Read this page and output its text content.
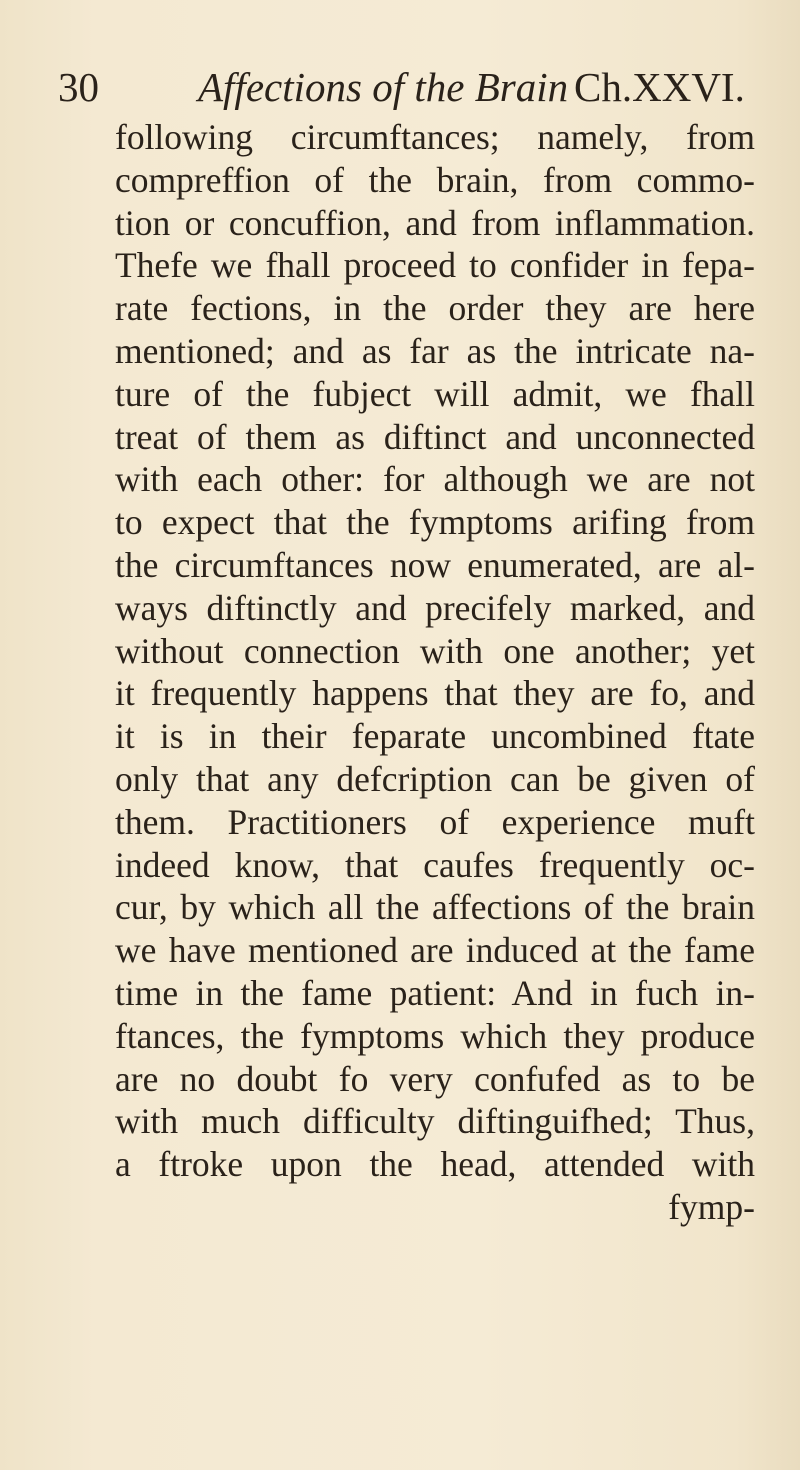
30 Affections of the Brain Ch.XXVI.
following circumftances; namely, from
compreffion of the brain, from commo-
tion or concuffion, and from inflammation.
Thefe we fhall proceed to confider in fepa-
rate fections, in the order they are here
mentioned; and as far as the intricate na-
ture of the fubject will admit, we fhall
treat of them as diftinct and unconnected
with each other: for although we are not
to expect that the fymptoms arifing from
the circumftances now enumerated, are al-
ways diftinctly and precifely marked, and
without connection with one another; yet
it frequently happens that they are fo, and
it is in their feparate uncombined ftate
only that any defcription can be given of
them. Practitioners of experience muft
indeed know, that caufes frequently oc-
cur, by which all the affections of the brain
we have mentioned are induced at the fame
time in the fame patient: And in fuch in-
ftances, the fymptoms which they produce
are no doubt fo very confufed as to be
with much difficulty diftinguifhed; Thus,
a ftroke upon the head, attended with
fymp-
